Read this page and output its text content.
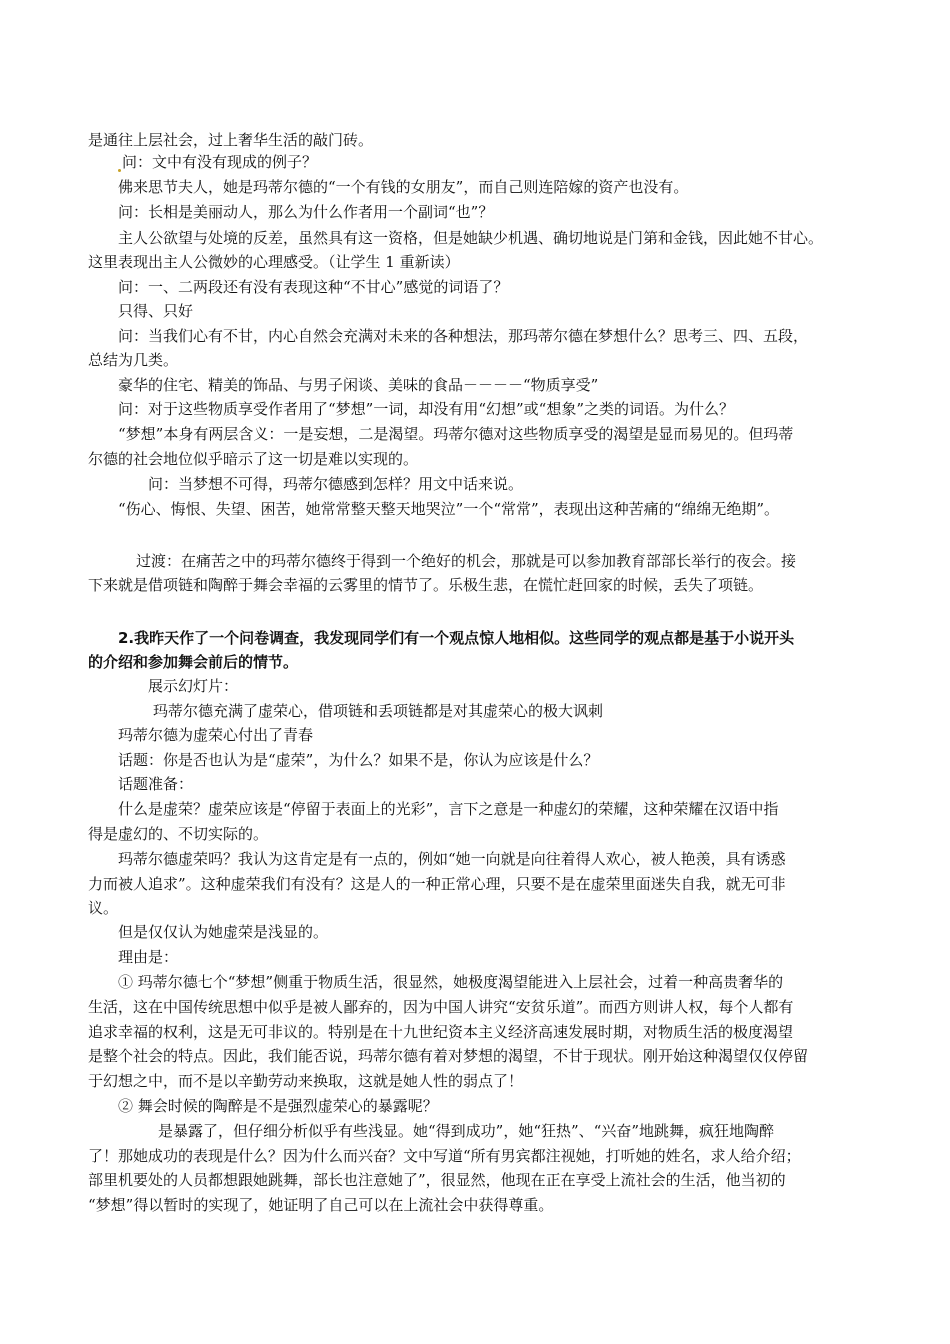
是通往上层社会，过上奢华生活的敲门砖。
问：文中有没有现成的例子？
佛来思节夫人，她是玛蒂尔德的“一个有钱的女朋友”，而自己则连陪嫁的资产也没有。
问：长相是美丽动人，那么为什么作者用一个副词“也”？
主人公欲望与处境的反差，虽然具有这一资格，但是她缺少机遇、确切地说是门第和金钱，因此她不甘心。
这里表现出主人公微妙的心理感受。（让学生 1 重新读）
问：一、二两段还有没有表现这种“不甘心”感觉的词语了？
只得、只好
问：当我们心有不甘，内心自然会充满对未来的各种想法，那玛蒂尔德在梦想什么？思考三、四、五段，
总结为几类。
豪华的住宅、精美的饰品、与男子闲谈、美味的食品－－－－“物质享受”
问：对于这些物质享受作者用了“梦想”一词，却没有用“幻想”或“想象”之类的词语。为什么？
“梦想”本身有两层含义：一是妄想，二是渴望。玛蒂尔德对这些物质享受的渴望是显而易见的。但玛蒂
尔德的社会地位似乎暗示了这一切是难以实现的。
问：当梦想不可得，玛蒂尔德感到怎样？用文中话来说。
“伤心、悔恨、失望、困苦，她常常整天整天地哭泣”一个“常常”，表现出这种苦痛的“绵绵无绝期”。
过渡：在痛苦之中的玛蒂尔德终于得到一个绝好的机会，那就是可以参加教育部部长举行的夜会。接
下来就是借项链和陶醉于舞会幸福的云雾里的情节了。乐极生悲，在慌忙赶回家的时候，丢失了项链。
2.我昨天作了一个问卷调查，我发现同学们有一个观点惊人地相似。这些同学的观点都是基于小说开头
的介绍和参加舞会前后的情节。
展示幻灯片：
玛蒂尔德充满了虚荣心，借项链和丢项链都是对其虚荣心的极大讽刺
玛蒂尔德为虚荣心付出了青春
话题：你是否也认为是“虚荣”，为什么？如果不是，你认为应该是什么？
话题准备：
什么是虚荣？虚荣应该是“停留于表面上的光彩”，言下之意是一种虚幻的荣耀，这种荣耀在汉语中指
得是虚幻的、不切实际的。
玛蒂尔德虚荣吗？我认为这肯定是有一点的，例如“她一向就是向往着得人欢心，被人艳羡，具有诱惑
力而被人追求”。这种虚荣我们有没有？这是人的一种正常心理，只要不是在虚荣里面迷失自我，就无可非
议。
但是仅仅认为她虚荣是浅显的。
理由是：
① 玛蒂尔德七个“梦想”侧重于物质生活，很显然，她极度渴望能进入上层社会，过着一种高贵奢华的
生活，这在中国传统思想中似乎是被人鄙弃的，因为中国人讲究“安贫乐道”。而西方则讲人权，每个人都有
追求幸福的权利，这是无可非议的。特别是在十九世纪资本主义经济高速发展时期，对物质生活的极度渴望
是整个社会的特点。因此，我们能否说，玛蒂尔德有着对梦想的渴望，不甘于现状。刚开始这种渴望仅仅停留
于幻想之中，而不是以辛勤劳动来换取，这就是她人性的弱点了！
② 舞会时候的陶醉是不是强烈虚荣心的暴露呢？
是暴露了，但仔细分析似乎有些浅显。她“得到成功”，她“狂热”、“兴奋”地跳舞，疯狂地陶醉
了！那她成功的表现是什么？因为什么而兴奋？文中写道“所有男宾都注视她，打听她的姓名，求人给介绍；
部里机要处的人员都想跟她跳舞，部长也注意她了”，很显然，他现在正在享受上流社会的生活，他当初的
“梦想”得以暂时的实现了，她证明了自己可以在上流社会中获得尊重。
